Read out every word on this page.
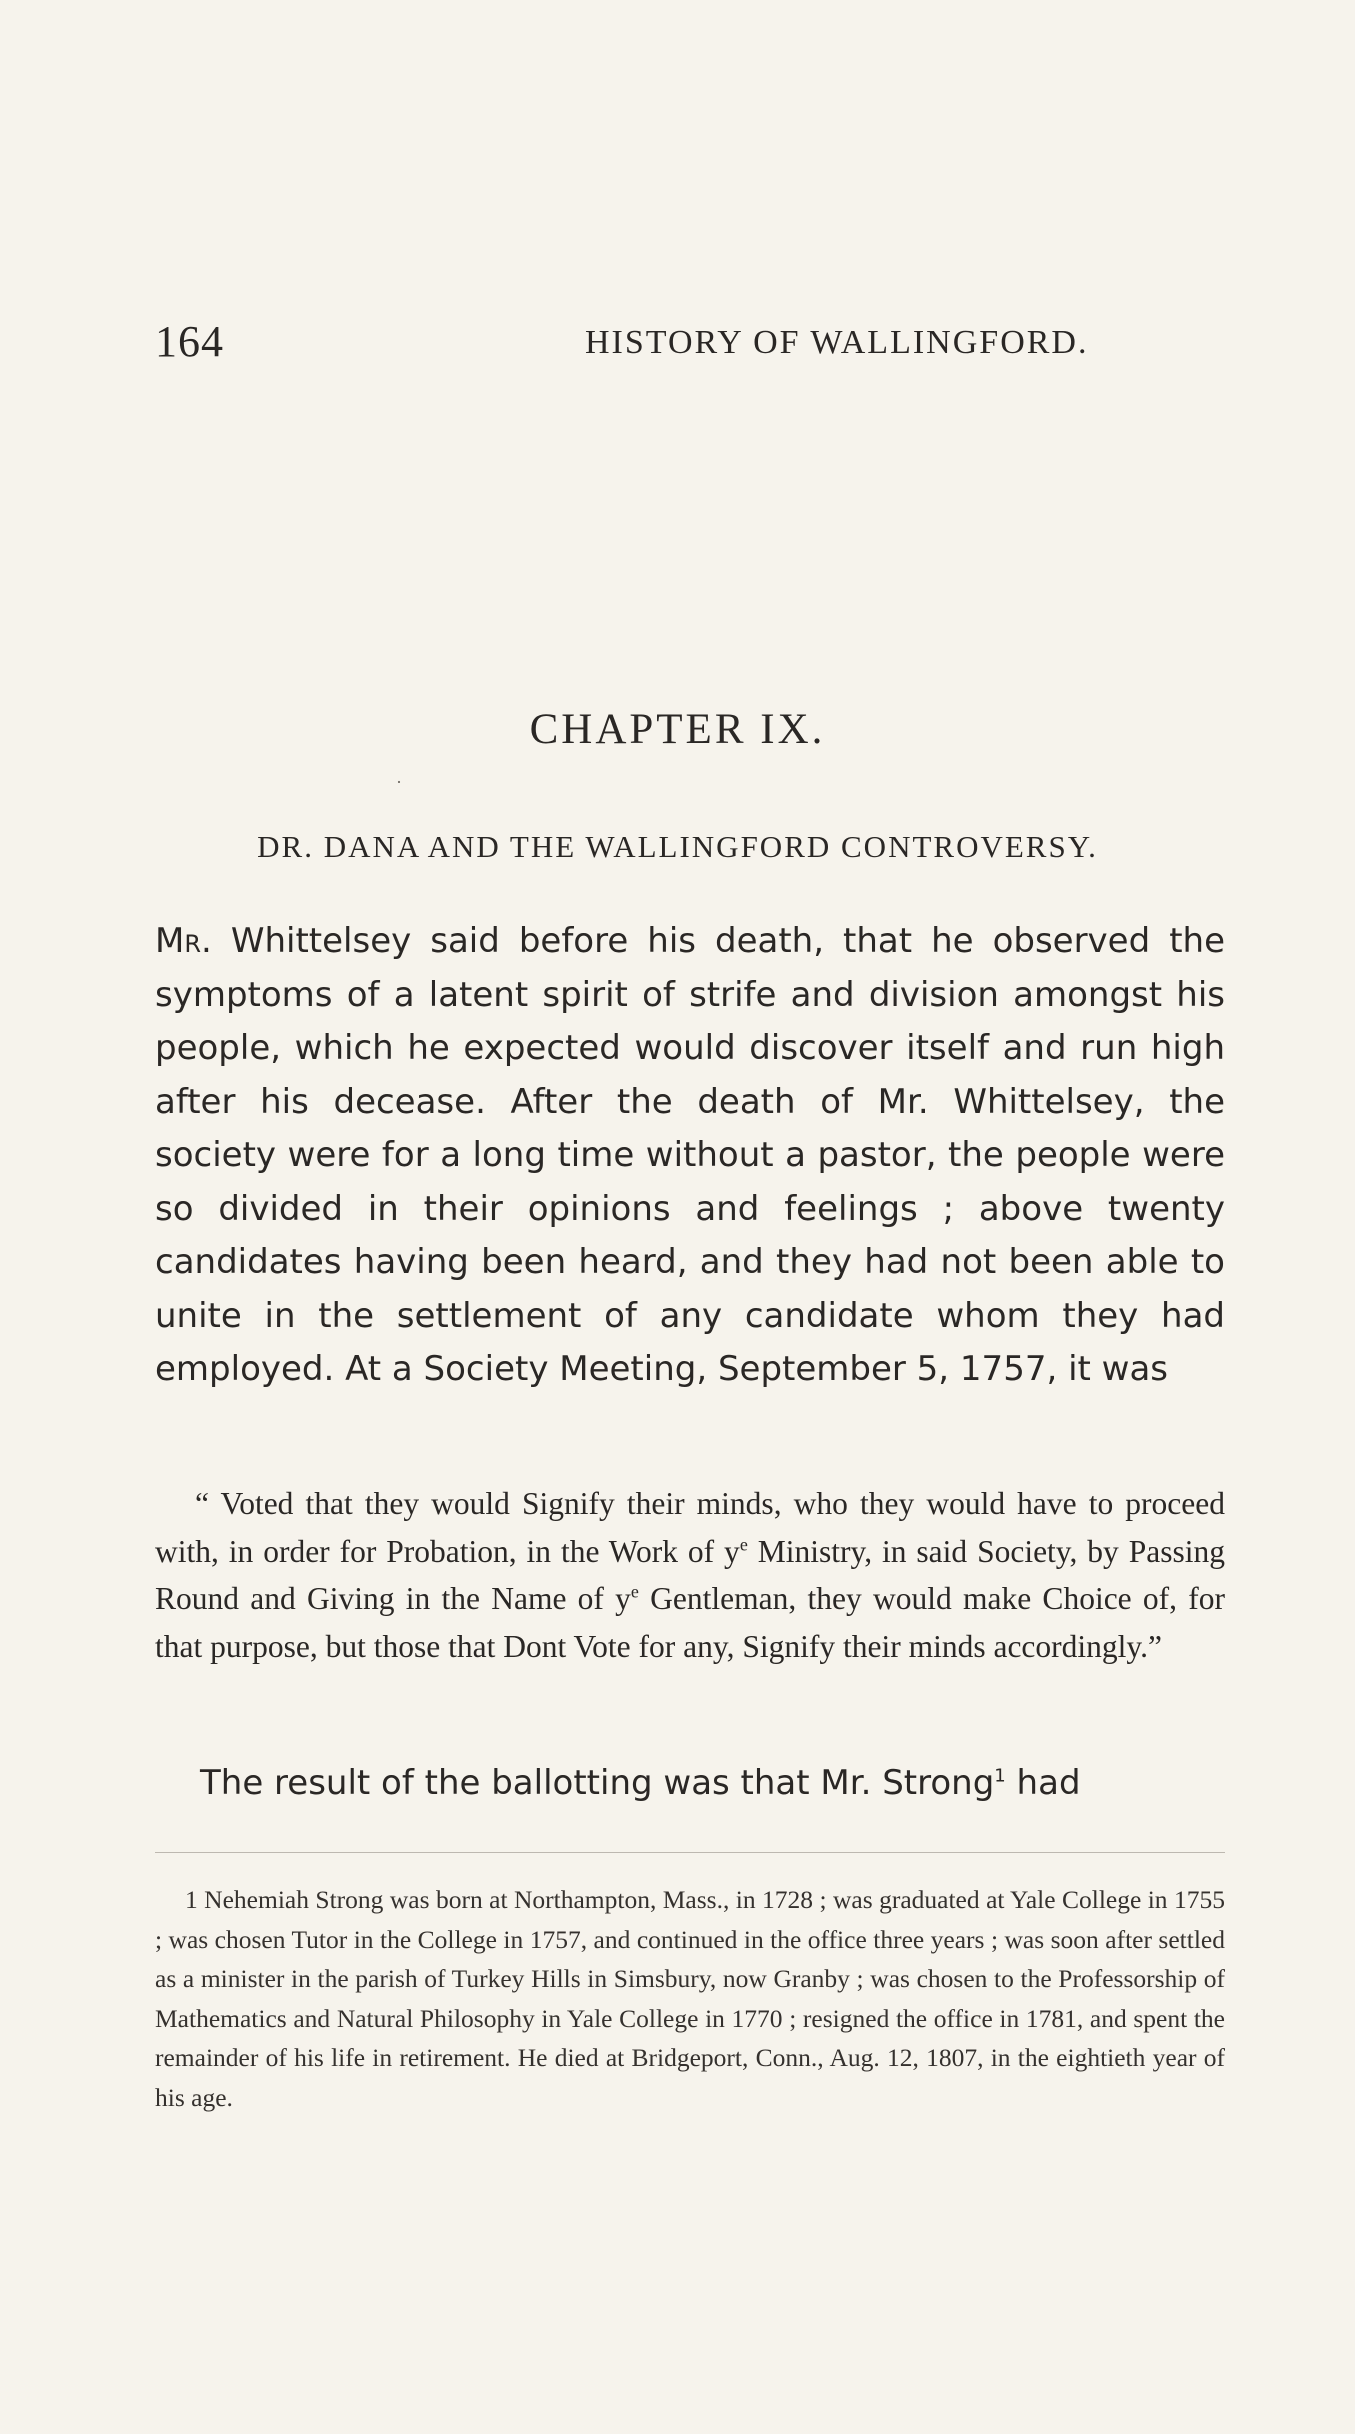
164	HISTORY OF WALLINGFORD.
CHAPTER IX.
·
DR. DANA AND THE WALLINGFORD CONTROVERSY.

Mr. Whittelsey said before his death, that he observed the symptoms of a latent spirit of strife and division amongst his people, which he expected would discover itself and run high after his decease. After the death of Mr. Whittelsey, the society were for a long time without a pastor, the people were so divided in their opinions and feelings ; above twenty candidates having been heard, and they had not been able to unite in the settlement of any candidate whom they had employed. At a Society Meeting, September 5, 1757, it was

“ Voted that they would Signify their minds, who they would have to proceed with, in order for Probation, in the Work of $y^e$ Ministry, in said Society, by Passing Round and Giving in the Name of $y^e$ Gentleman, they would make Choice of, for that purpose, but those that Dont Vote for any, Signify their minds accordingly.”

The result of the ballotting was that Mr. Strong$^1$ had
1 Nehemiah Strong was born at Northampton, Mass., in 1728 ; was graduated at Yale College in 1755 ; was chosen Tutor in the College in 1757, and continued in the office three years ; was soon after settled as a minister in the parish of Turkey Hills in Simsbury, now Granby ; was chosen to the Professorship of Mathematics and Natural Philosophy in Yale College in 1770 ; resigned the office in 1781, and spent the remainder of his life in retirement. He died at Bridgeport, Conn., Aug. 12, 1807, in the eightieth year of his age.
